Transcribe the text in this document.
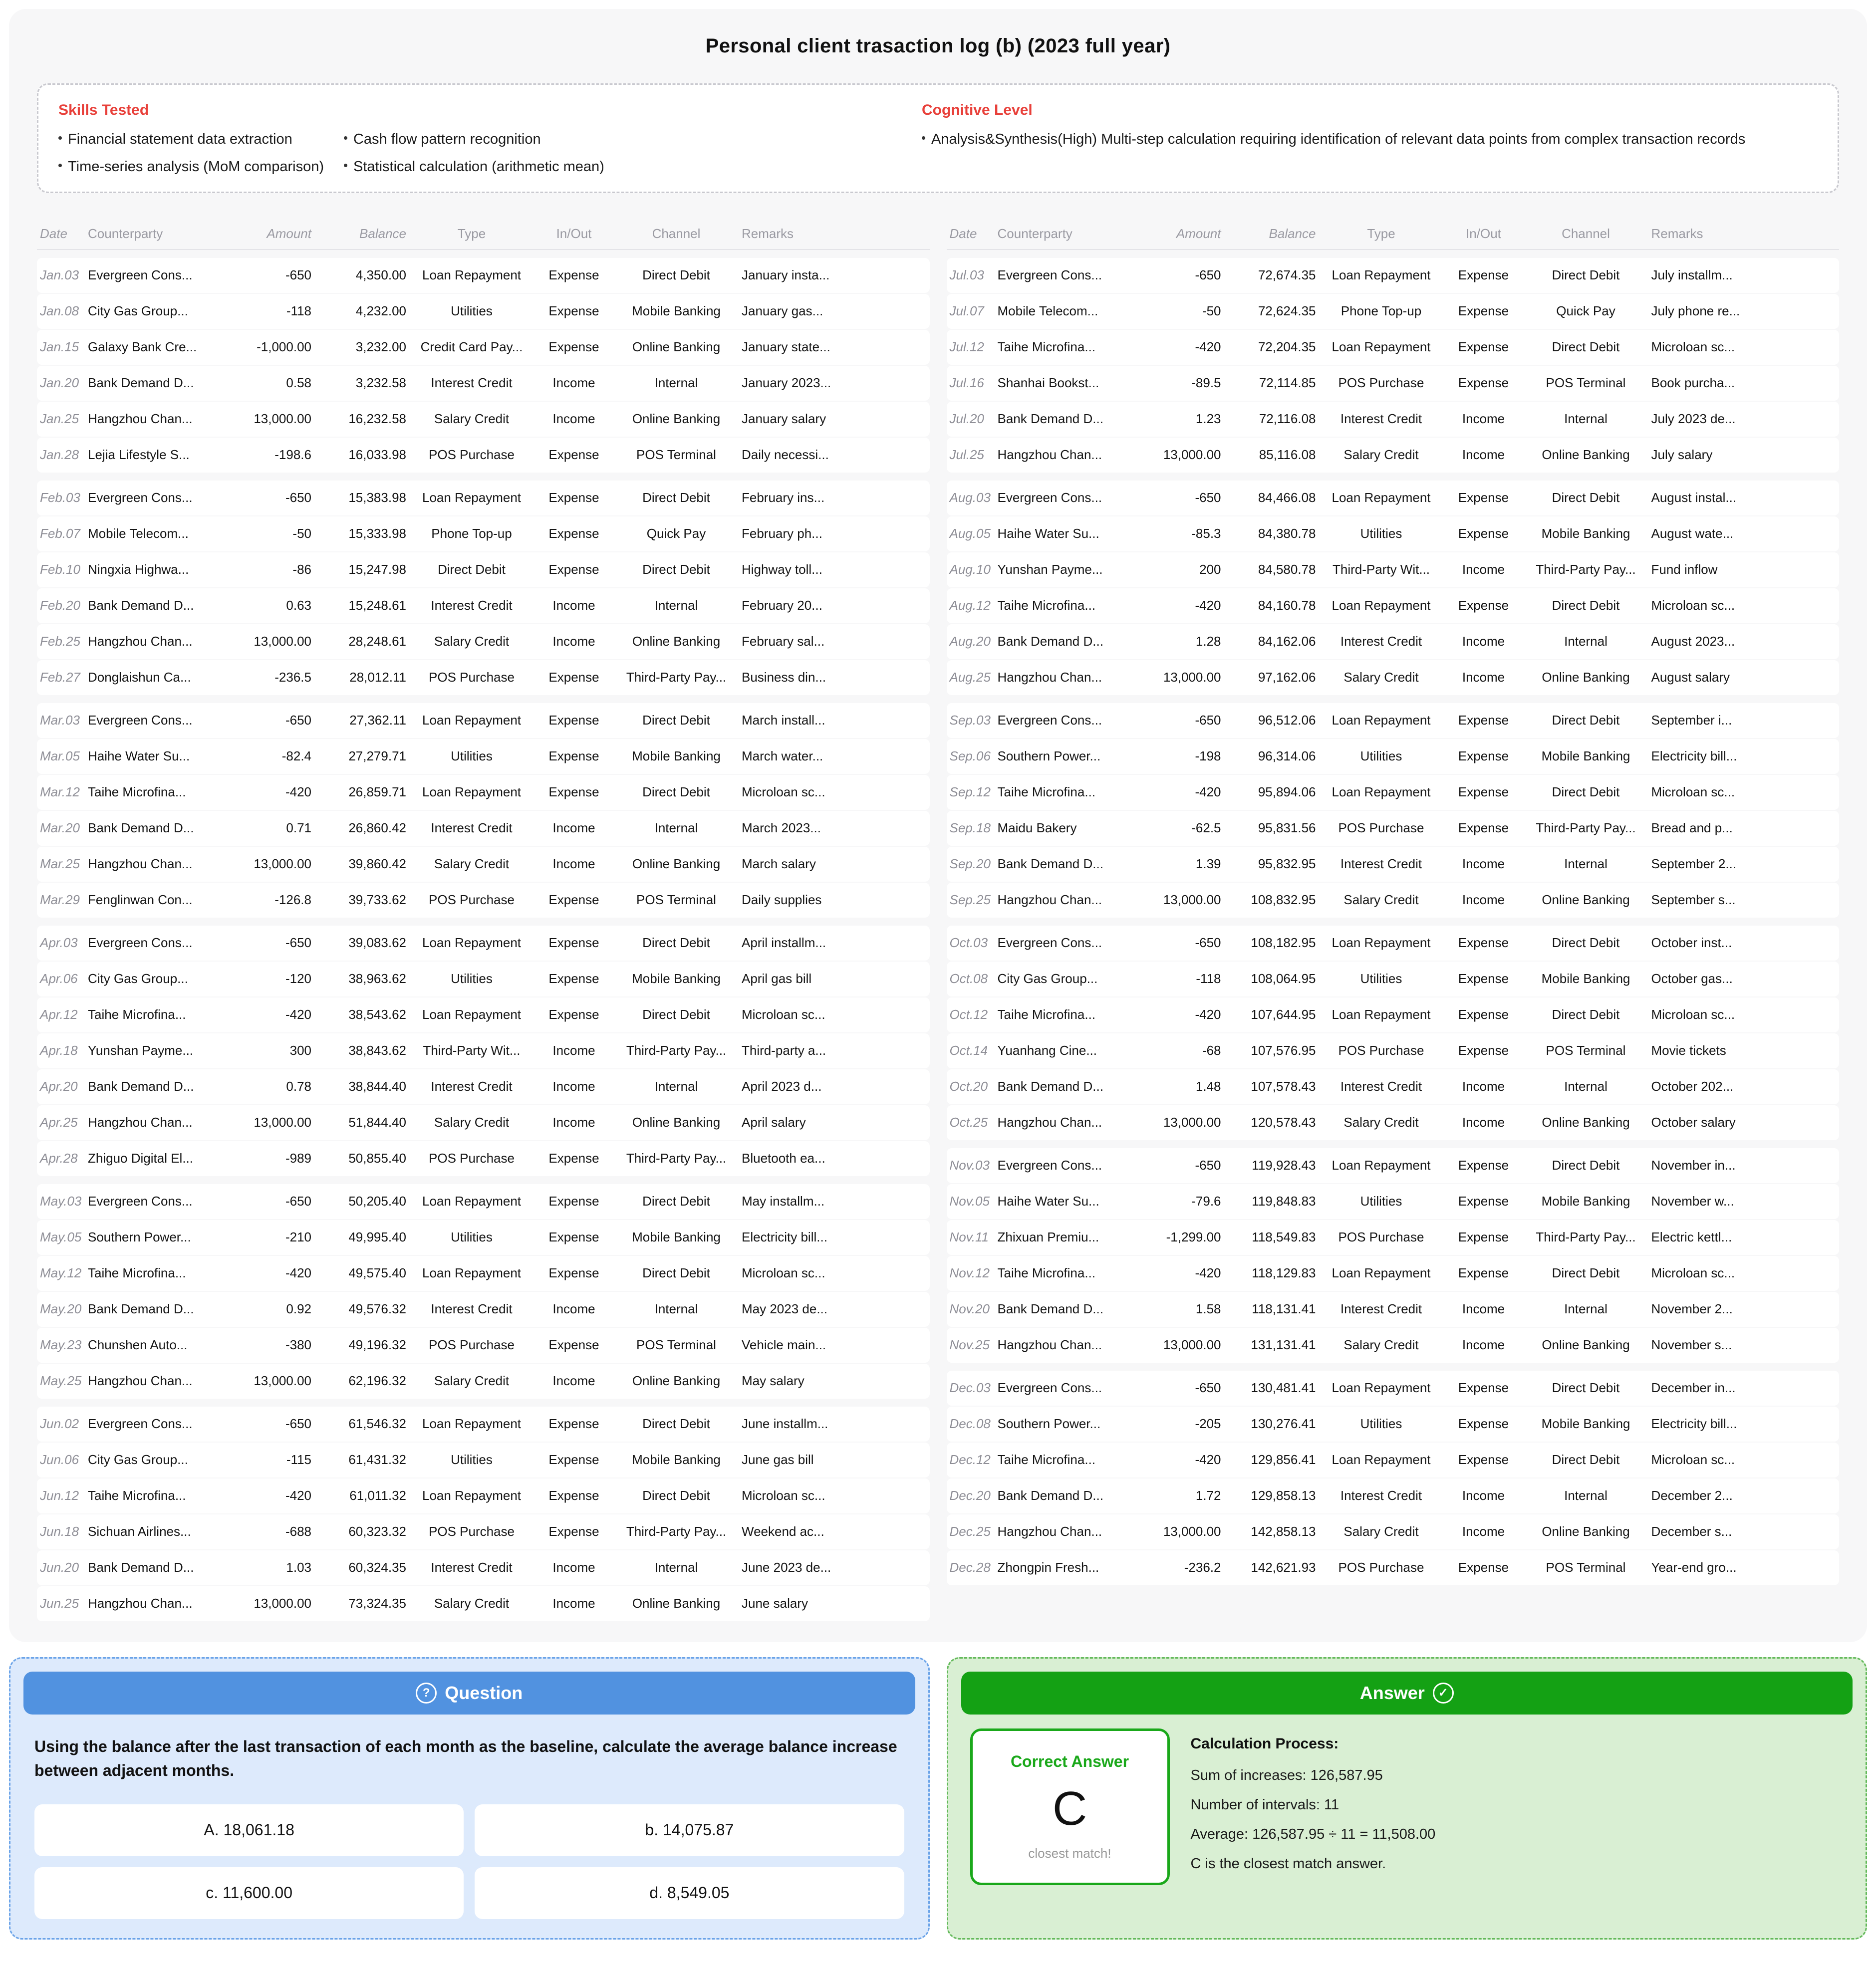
Personal client trasaction log (b) (2023 full year)
Skills Tested
Financial statement data extraction
Time-series analysis (MoM comparison)
Cash flow pattern recognition
Statistical calculation (arithmetic mean)
Cognitive Level
Analysis&Synthesis(High) Multi-step calculation requiring identification of relevant data points from complex transaction records
Date	Counterparty	Amount	Balance	Type	In/Out	Channel	Remarks
Jan.03 Evergreen Cons...	-650	4,350.00	Loan Repayment	Expense	Direct Debit	January insta...
Jan.08 City Gas Group...	-118	4,232.00	Utilities	Expense	Mobile Banking	January gas...
Jan.15 Galaxy Bank Cre...	-1,000.00	3,232.00	Credit Card Pay...	Expense	Online Banking	January state...
Jan.20 Bank Demand D...	0.58	3,232.58	Interest Credit	Income	Internal	January 2023...
Jan.25 Hangzhou Chan...	13,000.00	16,232.58	Salary Credit	Income	Online Banking	January salary
Jan.28 Lejia Lifestyle S...	-198.6	16,033.98	POS Purchase	Expense	POS Terminal	Daily necessi...
Feb.03 Evergreen Cons...	-650	15,383.98	Loan Repayment	Expense	Direct Debit	February ins...
Feb.07 Mobile Telecom...	-50	15,333.98	Phone Top-up	Expense	Quick Pay	February ph...
Feb.10 Ningxia Highwa...	-86	15,247.98	Direct Debit	Expense	Direct Debit	Highway toll...
Feb.20 Bank Demand D...	0.63	15,248.61	Interest Credit	Income	Internal	February 20...
Feb.25 Hangzhou Chan...	13,000.00	28,248.61	Salary Credit	Income	Online Banking	February sal...
Feb.27 Donglaishun Ca...	-236.5	28,012.11	POS Purchase	Expense	Third-Party Pay...	Business din...
Mar.03 Evergreen Cons...	-650	27,362.11	Loan Repayment	Expense	Direct Debit	March install...
Mar.05 Haihe Water Su...	-82.4	27,279.71	Utilities	Expense	Mobile Banking	March water...
Mar.12 Taihe Microfina...	-420	26,859.71	Loan Repayment	Expense	Direct Debit	Microloan sc...
Mar.20 Bank Demand D...	0.71	26,860.42	Interest Credit	Income	Internal	March 2023...
Mar.25 Hangzhou Chan...	13,000.00	39,860.42	Salary Credit	Income	Online Banking	March salary
Mar.29 Fenglinwan Con...	-126.8	39,733.62	POS Purchase	Expense	POS Terminal	Daily supplies
Apr.03 Evergreen Cons...	-650	39,083.62	Loan Repayment	Expense	Direct Debit	April installm...
Apr.06 City Gas Group...	-120	38,963.62	Utilities	Expense	Mobile Banking	April gas bill
Apr.12 Taihe Microfina...	-420	38,543.62	Loan Repayment	Expense	Direct Debit	Microloan sc...
Apr.18 Yunshan Payme...	300	38,843.62	Third-Party Wit...	Income	Third-Party Pay...	Third-party a...
Apr.20 Bank Demand D...	0.78	38,844.40	Interest Credit	Income	Internal	April 2023 d...
Apr.25 Hangzhou Chan...	13,000.00	51,844.40	Salary Credit	Income	Online Banking	April salary
Apr.28 Zhiguo Digital El...	-989	50,855.40	POS Purchase	Expense	Third-Party Pay...	Bluetooth ea...
May.03 Evergreen Cons...	-650	50,205.40	Loan Repayment	Expense	Direct Debit	May installm...
May.05 Southern Power...	-210	49,995.40	Utilities	Expense	Mobile Banking	Electricity bill...
May.12 Taihe Microfina...	-420	49,575.40	Loan Repayment	Expense	Direct Debit	Microloan sc...
May.20 Bank Demand D...	0.92	49,576.32	Interest Credit	Income	Internal	May 2023 de...
May.23 Chunshen Auto...	-380	49,196.32	POS Purchase	Expense	POS Terminal	Vehicle main...
May.25 Hangzhou Chan...	13,000.00	62,196.32	Salary Credit	Income	Online Banking	May salary
Jun.02 Evergreen Cons...	-650	61,546.32	Loan Repayment	Expense	Direct Debit	June installm...
Jun.06 City Gas Group...	-115	61,431.32	Utilities	Expense	Mobile Banking	June gas bill
Jun.12 Taihe Microfina...	-420	61,011.32	Loan Repayment	Expense	Direct Debit	Microloan sc...
Jun.18 Sichuan Airlines...	-688	60,323.32	POS Purchase	Expense	Third-Party Pay...	Weekend ac...
Jun.20 Bank Demand D...	1.03	60,324.35	Interest Credit	Income	Internal	June 2023 de...
Jun.25 Hangzhou Chan...	13,000.00	73,324.35	Salary Credit	Income	Online Banking	June salary
Date	Counterparty	Amount	Balance	Type	In/Out	Channel	Remarks
Jul.03	Evergreen Cons...	-650	72,674.35	Loan Repayment	Expense	Direct Debit	July installm...
Jul.07	Mobile Telecom...	-50	72,624.35	Phone Top-up	Expense	Quick Pay	July phone re...
Jul.12	Taihe Microfina...	-420	72,204.35	Loan Repayment	Expense	Direct Debit	Microloan sc...
Jul.16	Shanhai Bookst...	-89.5	72,114.85	POS Purchase	Expense	POS Terminal	Book purcha...
Jul.20	Bank Demand D...	1.23	72,116.08	Interest Credit	Income	Internal	July 2023 de...
Jul.25	Hangzhou Chan...	13,000.00	85,116.08	Salary Credit	Income	Online Banking	July salary
Aug.03 Evergreen Cons...	-650	84,466.08	Loan Repayment	Expense	Direct Debit	August instal...
Aug.05 Haihe Water Su...	-85.3	84,380.78	Utilities	Expense	Mobile Banking	August wate...
Aug.10 Yunshan Payme...	200	84,580.78	Third-Party Wit...	Income	Third-Party Pay...	Fund inflow
Aug.12 Taihe Microfina...	-420	84,160.78	Loan Repayment	Expense	Direct Debit	Microloan sc...
Aug.20 Bank Demand D...	1.28	84,162.06	Interest Credit	Income	Internal	August 2023...
Aug.25 Hangzhou Chan...	13,000.00	97,162.06	Salary Credit	Income	Online Banking	August salary
Sep.03 Evergreen Cons...	-650	96,512.06	Loan Repayment	Expense	Direct Debit	September i...
Sep.06 Southern Power...	-198	96,314.06	Utilities	Expense	Mobile Banking	Electricity bill...
Sep.12 Taihe Microfina...	-420	95,894.06	Loan Repayment	Expense	Direct Debit	Microloan sc...
Sep.18 Maidu Bakery	-62.5	95,831.56	POS Purchase	Expense	Third-Party Pay...	Bread and p...
Sep.20 Bank Demand D...	1.39	95,832.95	Interest Credit	Income	Internal	September 2...
Sep.25 Hangzhou Chan...	13,000.00	108,832.95	Salary Credit	Income	Online Banking	September s...
Oct.03 Evergreen Cons...	-650	108,182.95	Loan Repayment	Expense	Direct Debit	October inst...
Oct.08 City Gas Group...	-118	108,064.95	Utilities	Expense	Mobile Banking	October gas...
Oct.12 Taihe Microfina...	-420	107,644.95	Loan Repayment	Expense	Direct Debit	Microloan sc...
Oct.14 Yuanhang Cine...	-68	107,576.95	POS Purchase	Expense	POS Terminal	Movie tickets
Oct.20 Bank Demand D...	1.48	107,578.43	Interest Credit	Income	Internal	October 202...
Oct.25 Hangzhou Chan...	13,000.00	120,578.43	Salary Credit	Income	Online Banking	October salary
Nov.03 Evergreen Cons...	-650	119,928.43	Loan Repayment	Expense	Direct Debit	November in...
Nov.05 Haihe Water Su...	-79.6	119,848.83	Utilities	Expense	Mobile Banking	November w...
Nov.11 Zhixuan Premiu...	-1,299.00	118,549.83	POS Purchase	Expense	Third-Party Pay...	Electric kettl...
Nov.12 Taihe Microfina...	-420	118,129.83	Loan Repayment	Expense	Direct Debit	Microloan sc...
Nov.20 Bank Demand D...	1.58	118,131.41	Interest Credit	Income	Internal	November 2...
Nov.25 Hangzhou Chan...	13,000.00	131,131.41	Salary Credit	Income	Online Banking	November s...
Dec.03 Evergreen Cons...	-650	130,481.41	Loan Repayment	Expense	Direct Debit	December in...
Dec.08 Southern Power...	-205	130,276.41	Utilities	Expense	Mobile Banking	Electricity bill...
Dec.12 Taihe Microfina...	-420	129,856.41	Loan Repayment	Expense	Direct Debit	Microloan sc...
Dec.20 Bank Demand D...	1.72	129,858.13	Interest Credit	Income	Internal	December 2...
Dec.25 Hangzhou Chan...	13,000.00	142,858.13	Salary Credit	Income	Online Banking	December s...
Dec.28 Zhongpin Fresh...	-236.2	142,621.93	POS Purchase	Expense	POS Terminal	Year-end gro...
? Question
Using the balance after the last transaction of each month as the baseline, calculate the average balance increase between adjacent months.
A. 18,061.18	b. 14,075.87
c. 11,600.00	d. 8,549.05
Answer	✓
Correct Answer
C
closest match!
Calculation Process:
Sum of increases: 126,587.95
Number of intervals: 11
Average: 126,587.95 ÷ 11 = 11,508.00
C is the closest match answer.
